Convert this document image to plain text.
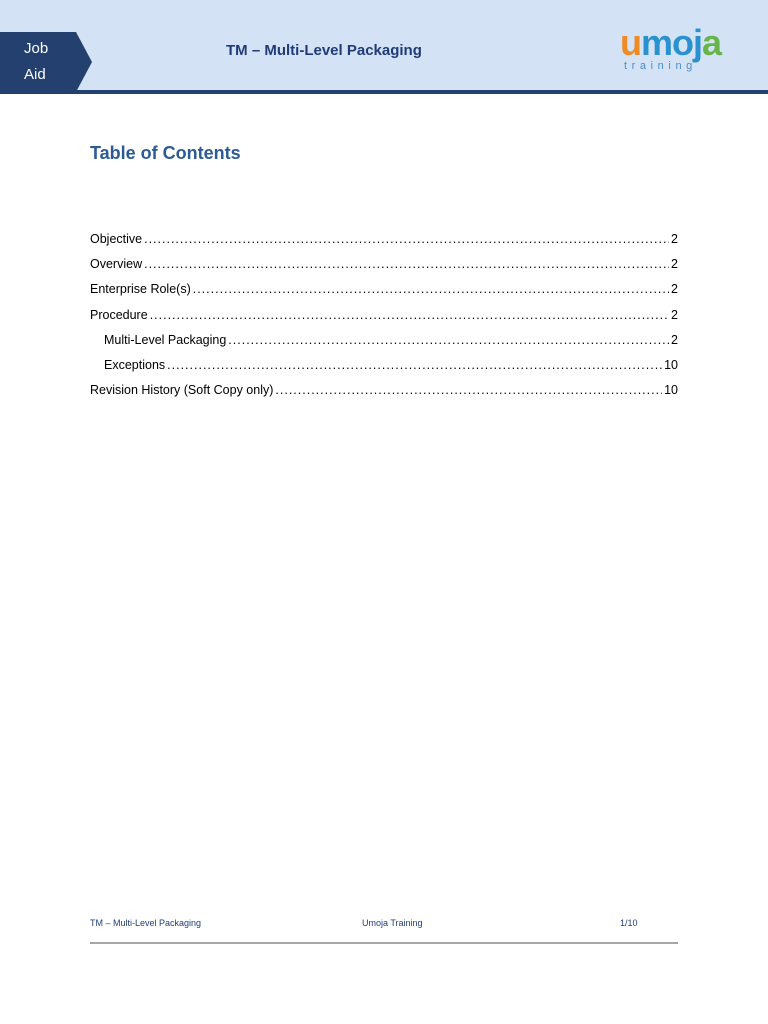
Job
Aid
TM – Multi-Level Packaging	umoja
training
Table of Contents
Objective .....	2
Overview .....	2
Enterprise Role(s) .....	2
Procedure .....	2
Multi-Level Packaging .....	2
Exceptions .....	10
Revision History (Soft Copy only) .....	10
TM – Multi-Level Packaging	Umoja Training	1/10
